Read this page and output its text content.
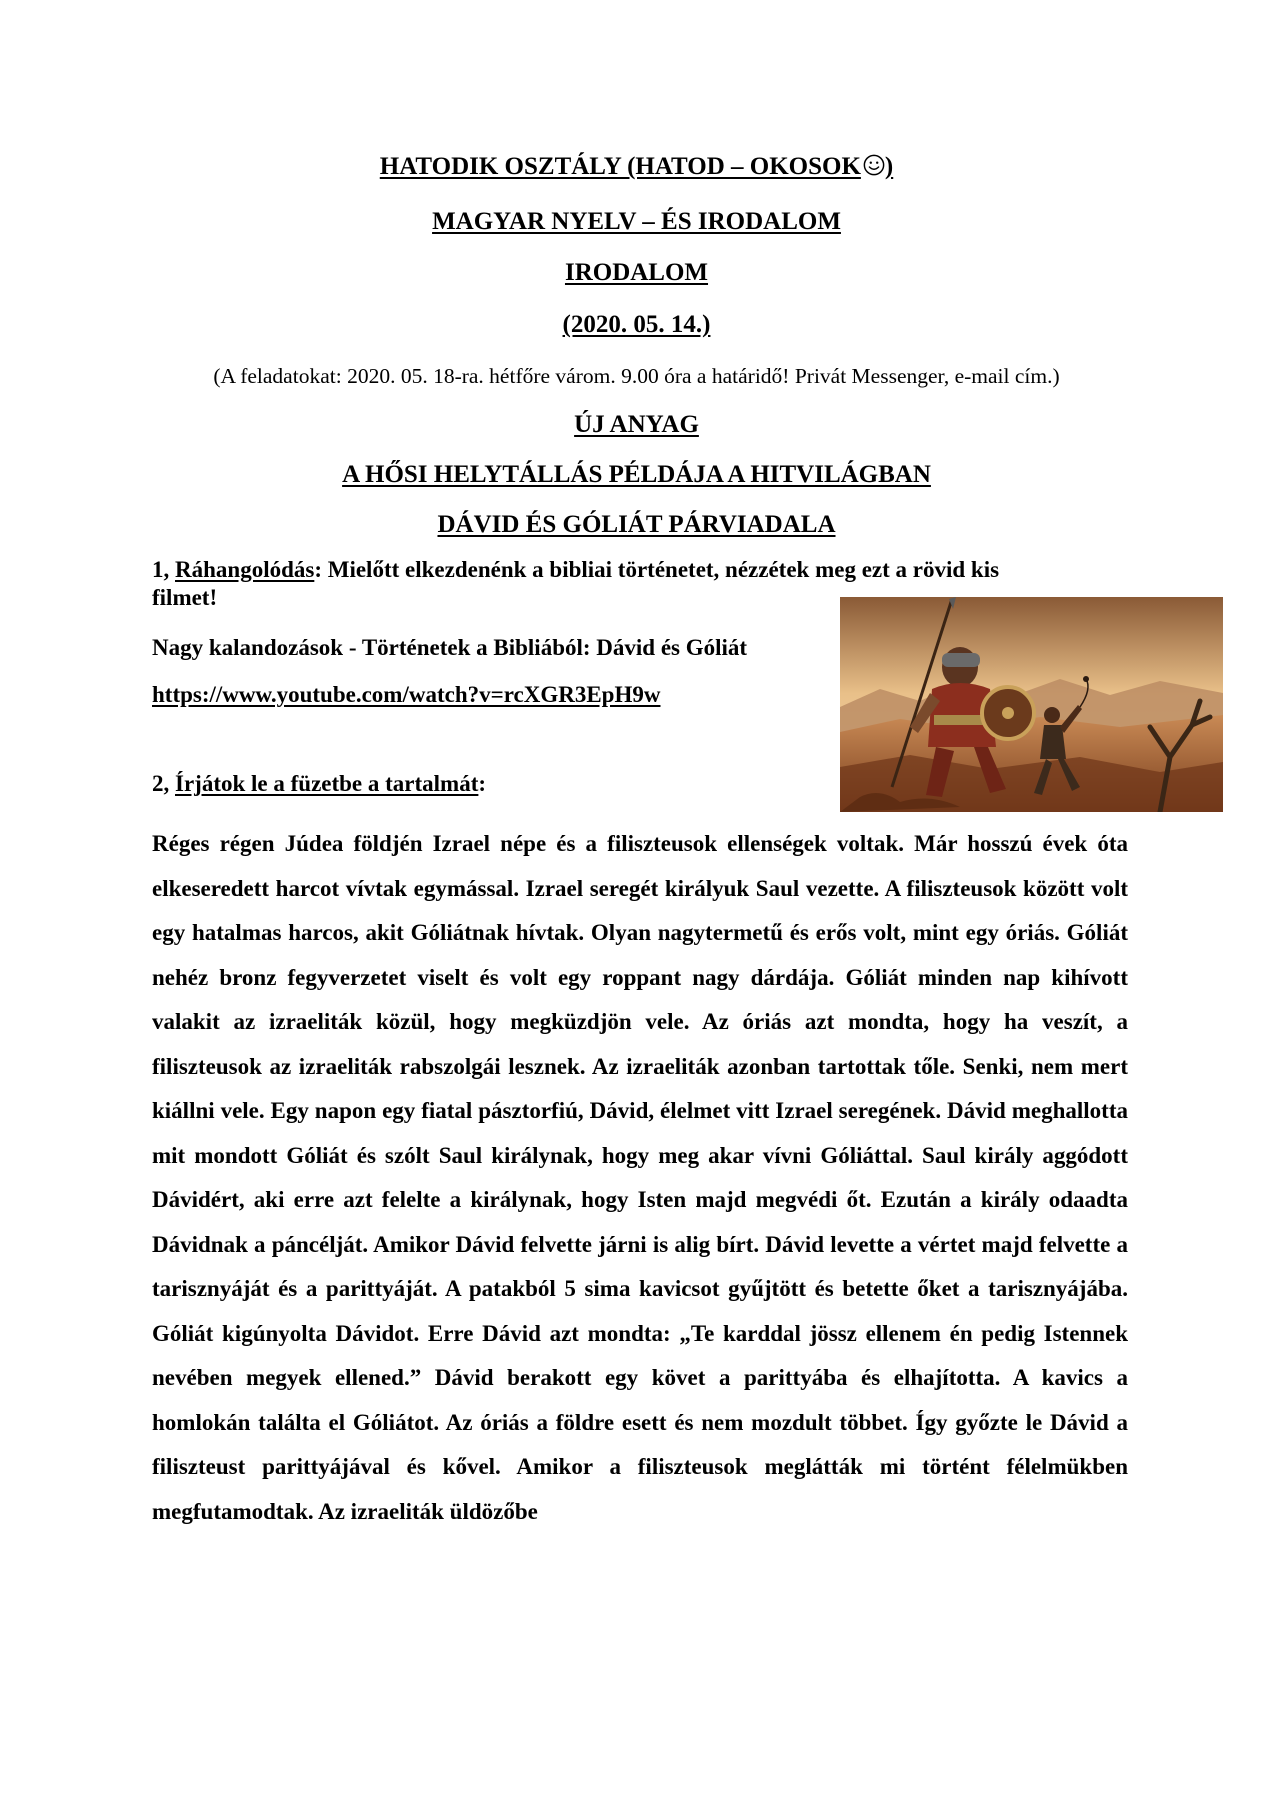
HATODIK OSZTÁLY (HATOD – OKOSOK )
MAGYAR NYELV – ÉS IRODALOM
IRODALOM
(2020. 05. 14.)
(A feladatokat: 2020. 05. 18-ra. hétfőre várom. 9.00 óra a határidő! Privát Messenger, e-mail cím.)
ÚJ ANYAG
A HŐSI HELYTÁLLÁS PÉLDÁJA A HITVILÁGBAN
DÁVID ÉS GÓLIÁT PÁRVIADALA
1, Ráhangolódás: Mielőtt elkezdenénk a bibliai történetet, nézzétek meg ezt a rövid kis
filmet!
Nagy kalandozások - Történetek a Bibliából: Dávid és Góliát
https://www.youtube.com/watch?v=rcXGR3EpH9w
2, Írjátok le a füzetbe a tartalmát:

Réges régen Júdea földjén Izrael népe és a filiszteusok ellenségek voltak. Már hosszú évek óta elkeseredett harcot vívtak egymással. Izrael seregét királyuk Saul vezette. A filiszteusok között volt egy hatalmas harcos, akit Góliátnak hívtak. Olyan nagytermetű és erős volt, mint egy óriás. Góliát nehéz bronz fegyverzetet viselt és volt egy roppant nagy dárdája. Góliát minden nap kihívott valakit az izraeliták közül, hogy megküzdjön vele. Az óriás azt mondta, hogy ha veszít, a filiszteusok az izraeliták rabszolgái lesznek. Az izraeliták azonban tartottak tőle. Senki, nem mert kiállni vele. Egy napon egy fiatal pásztorfiú, Dávid, élelmet vitt Izrael seregének. Dávid meghallotta mit mondott Góliát és szólt Saul királynak, hogy meg akar vívni Góliáttal. Saul király aggódott Dávidért, aki erre azt felelte a királynak, hogy Isten majd megvédi őt. Ezután a király odaadta Dávidnak a páncélját. Amikor Dávid felvette járni is alig bírt. Dávid levette a vértet majd felvette a tarisznyáját és a parittyáját. A patakból 5 sima kavicsot gyűjtött és betette őket a tarisznyájába. Góliát kigúnyolta Dávidot. Erre Dávid azt mondta: „Te karddal jössz ellenem én pedig Istennek nevében megyek ellened.” Dávid berakott egy követ a parittyába és elhajította. A kavics a homlokán találta el Góliátot. Az óriás a földre esett és nem mozdult többet. Így győzte le Dávid a filiszteust parittyájával és kővel. Amikor a filiszteusok meglátták mi történt félelmükben megfutamodtak. Az izraeliták üldözőbe
